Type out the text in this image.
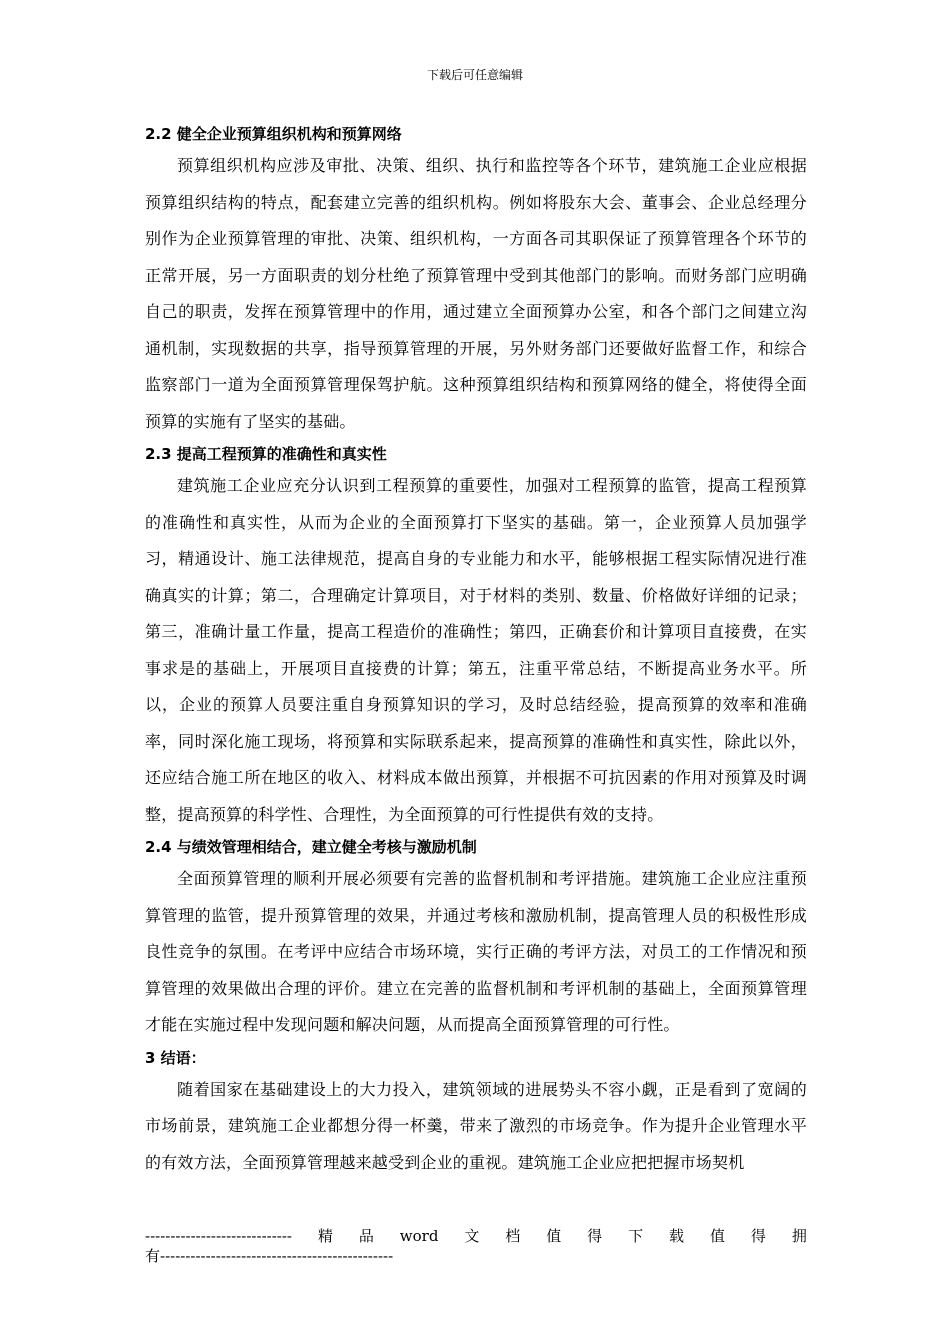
下载后可任意编辑
2.2 健全企业预算组织机构和预算网络

预算组织机构应涉及审批、决策、组织、执行和监控等各个环节，建筑施工企业应根据预算组织结构的特点，配套建立完善的组织机构。例如将股东大会、董事会、企业总经理分别作为企业预算管理的审批、决策、组织机构，一方面各司其职保证了预算管理各个环节的正常开展，另一方面职责的划分杜绝了预算管理中受到其他部门的影响。而财务部门应明确自己的职责，发挥在预算管理中的作用，通过建立全面预算办公室，和各个部门之间建立沟通机制，实现数据的共享，指导预算管理的开展，另外财务部门还要做好监督工作，和综合监察部门一道为全面预算管理保驾护航。这种预算组织结构和预算网络的健全，将使得全面预算的实施有了坚实的基础。

2.3 提高工程预算的准确性和真实性

建筑施工企业应充分认识到工程预算的重要性，加强对工程预算的监管，提高工程预算的准确性和真实性，从而为企业的全面预算打下坚实的基础。第一，企业预算人员加强学习，精通设计、施工法律规范，提高自身的专业能力和水平，能够根据工程实际情况进行准确真实的计算；第二，合理确定计算项目，对于材料的类别、数量、价格做好详细的记录；第三，准确计量工作量，提高工程造价的准确性；第四，正确套价和计算项目直接费，在实事求是的基础上，开展项目直接费的计算；第五，注重平常总结，不断提高业务水平。所以，企业的预算人员要注重自身预算知识的学习，及时总结经验，提高预算的效率和准确率，同时深化施工现场，将预算和实际联系起来，提高预算的准确性和真实性，除此以外，还应结合施工所在地区的收入、材料成本做出预算，并根据不可抗因素的作用对预算及时调整，提高预算的科学性、合理性，为全面预算的可行性提供有效的支持。

2.4 与绩效管理相结合，建立健全考核与激励机制

全面预算管理的顺利开展必须要有完善的监督机制和考评措施。建筑施工企业应注重预算管理的监管，提升预算管理的效果，并通过考核和激励机制，提高管理人员的积极性形成良性竞争的氛围。在考评中应结合市场环境，实行正确的考评方法，对员工的工作情况和预算管理的效果做出合理的评价。建立在完善的监督机制和考评机制的基础上，全面预算管理才能在实施过程中发现问题和解决问题，从而提高全面预算管理的可行性。

3 结语：

随着国家在基础建设上的大力投入，建筑领域的进展势头不容小觑，正是看到了宽阔的市场前景，建筑施工企业都想分得一杯羹，带来了激烈的市场竞争。作为提升企业管理水平的有效方法，全面预算管理越来越受到企业的重视。建筑施工企业应把把握市场契机

----------------------------- 精 品 word 文 档 值 得 下 载 值 得 拥
有----------------------------------------------
